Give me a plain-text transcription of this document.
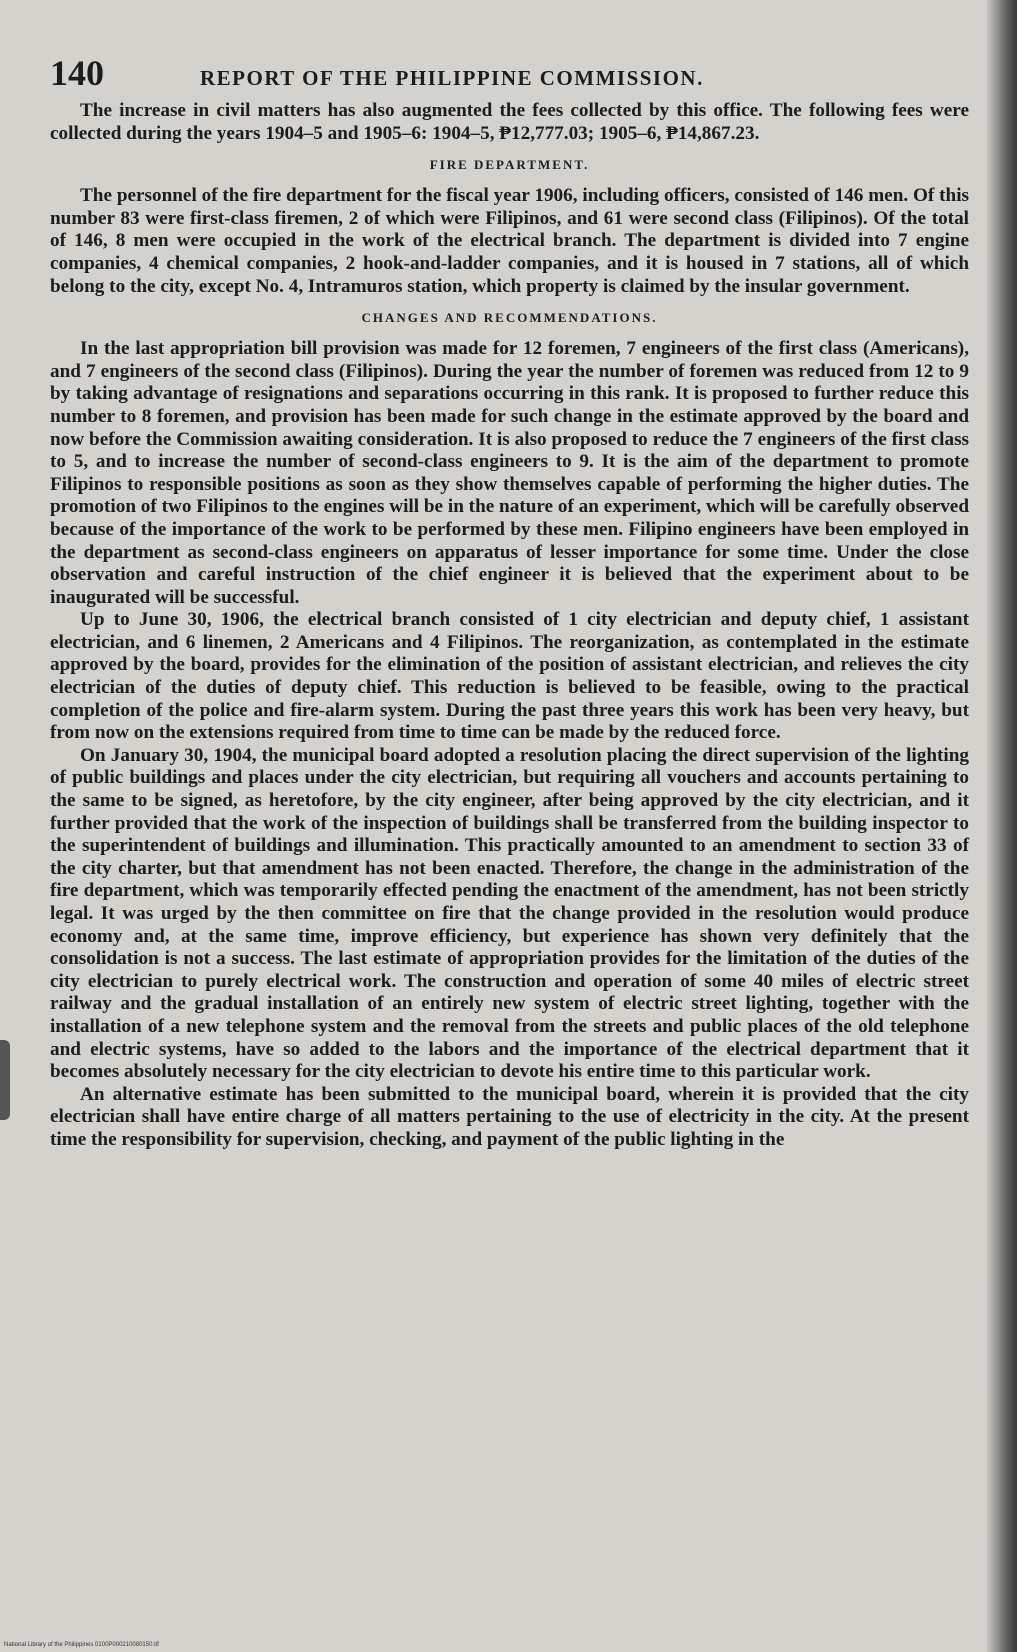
140	REPORT OF THE PHILIPPINE COMMISSION.

The increase in civil matters has also augmented the fees collected by this office. The following fees were collected during the years 1904–5 and 1905–6: 1904–5, ₱12,777.03; 1905–6, ₱14,867.23.

FIRE DEPARTMENT.

The personnel of the fire department for the fiscal year 1906, including officers, consisted of 146 men. Of this number 83 were first-class firemen, 2 of which were Filipinos, and 61 were second class (Filipinos). Of the total of 146, 8 men were occupied in the work of the electrical branch. The department is divided into 7 engine companies, 4 chemical companies, 2 hook-and-ladder companies, and it is housed in 7 stations, all of which belong to the city, except No. 4, Intramuros station, which property is claimed by the insular government.

CHANGES AND RECOMMENDATIONS.

In the last appropriation bill provision was made for 12 foremen, 7 engineers of the first class (Americans), and 7 engineers of the second class (Filipinos). During the year the number of foremen was reduced from 12 to 9 by taking advantage of resignations and separations occurring in this rank. It is proposed to further reduce this number to 8 foremen, and provision has been made for such change in the estimate approved by the board and now before the Commission awaiting consideration. It is also proposed to reduce the 7 engineers of the first class to 5, and to increase the number of second-class engineers to 9. It is the aim of the department to promote Filipinos to responsible positions as soon as they show themselves capable of performing the higher duties. The promotion of two Filipinos to the engines will be in the nature of an experiment, which will be carefully observed because of the importance of the work to be performed by these men. Filipino engineers have been employed in the department as second-class engineers on apparatus of lesser importance for some time. Under the close observation and careful instruction of the chief engineer it is believed that the experiment about to be inaugurated will be successful.

Up to June 30, 1906, the electrical branch consisted of 1 city electrician and deputy chief, 1 assistant electrician, and 6 linemen, 2 Americans and 4 Filipinos. The reorganization, as contemplated in the estimate approved by the board, provides for the elimination of the position of assistant electrician, and relieves the city electrician of the duties of deputy chief. This reduction is believed to be feasible, owing to the practical completion of the police and fire-alarm system. During the past three years this work has been very heavy, but from now on the extensions required from time to time can be made by the reduced force.

On January 30, 1904, the municipal board adopted a resolution placing the direct supervision of the lighting of public buildings and places under the city electrician, but requiring all vouchers and accounts pertaining to the same to be signed, as heretofore, by the city engineer, after being approved by the city electrician, and it further provided that the work of the inspection of buildings shall be transferred from the building inspector to the superintendent of buildings and illumination. This practically amounted to an amendment to section 33 of the city charter, but that amendment has not been enacted. Therefore, the change in the administration of the fire department, which was temporarily effected pending the enactment of the amendment, has not been strictly legal. It was urged by the then committee on fire that the change provided in the resolution would produce economy and, at the same time, improve efficiency, but experience has shown very definitely that the consolidation is not a success. The last estimate of appropriation provides for the limitation of the duties of the city electrician to purely electrical work. The construction and operation of some 40 miles of electric street railway and the gradual installation of an entirely new system of electric street lighting, together with the installation of a new telephone system and the removal from the streets and public places of the old telephone and electric systems, have so added to the labors and the importance of the electrical department that it becomes absolutely necessary for the city electrician to devote his entire time to this particular work.

An alternative estimate has been submitted to the municipal board, wherein it is provided that the city electrician shall have entire charge of all matters pertaining to the use of electricity in the city. At the present time the responsibility for supervision, checking, and payment of the public lighting in the

National Library of the Philippines 0100P000210080150.tif
